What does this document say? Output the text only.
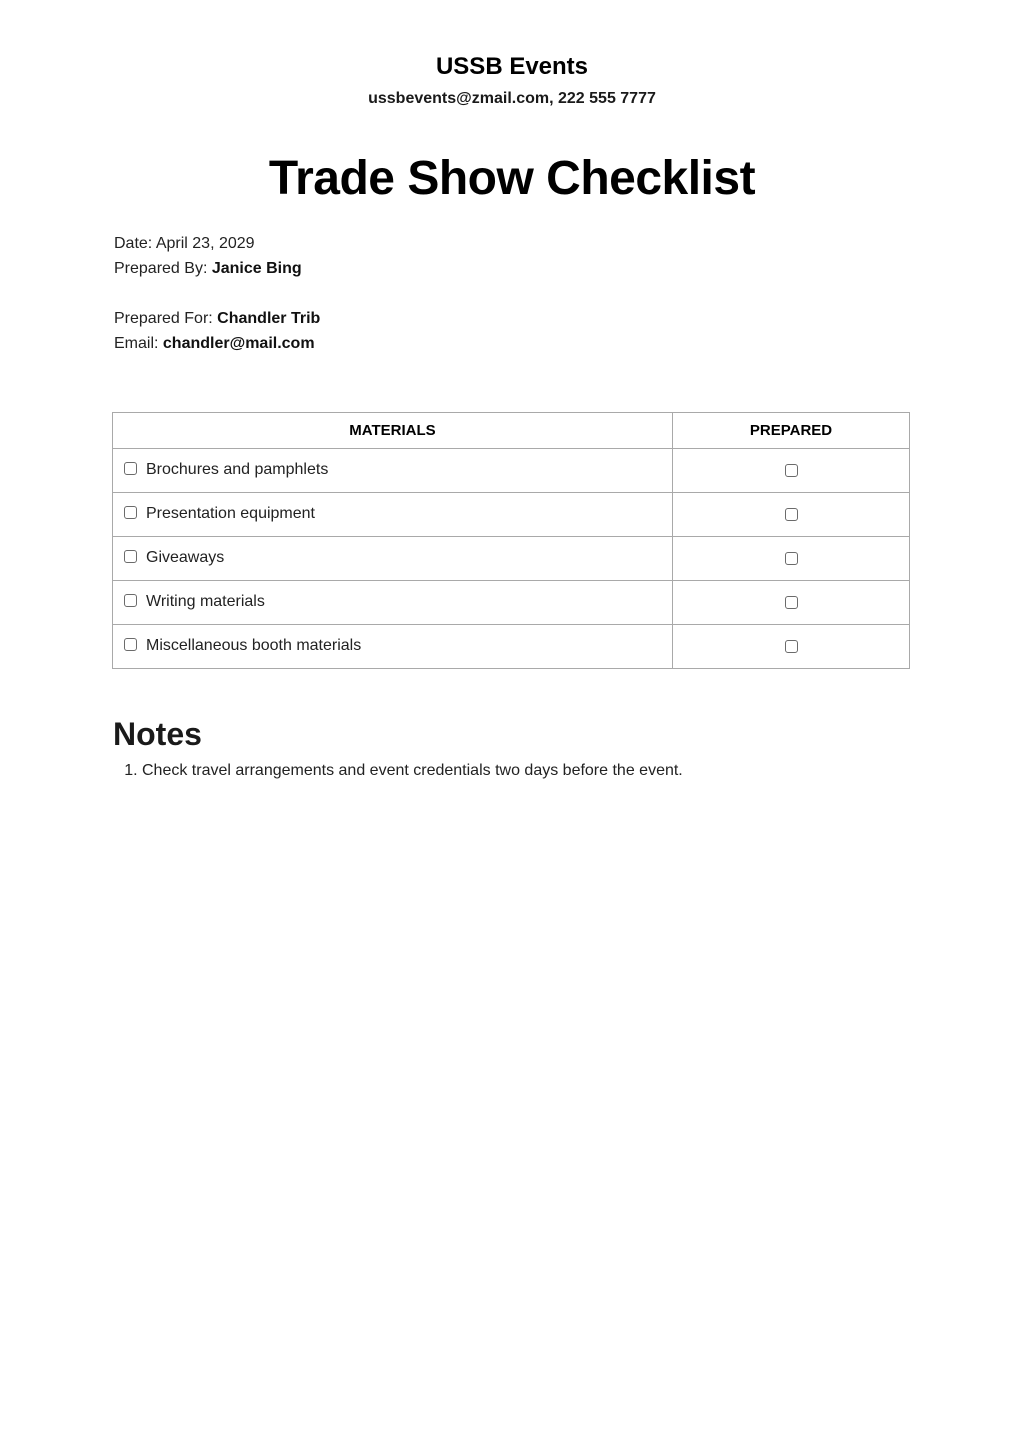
USSB Events
ussbevents@zmail.com, 222 555 7777
Trade Show Checklist
Date: April 23, 2029
Prepared By: Janice Bing
Prepared For: Chandler Trib
Email: chandler@mail.com
MATERIALS	PREPARED
Brochures and pamphlets	
Presentation equipment	
Giveaways	
Writing materials	
Miscellaneous booth materials	
Notes
1. Check travel arrangements and event credentials two days before the event.
